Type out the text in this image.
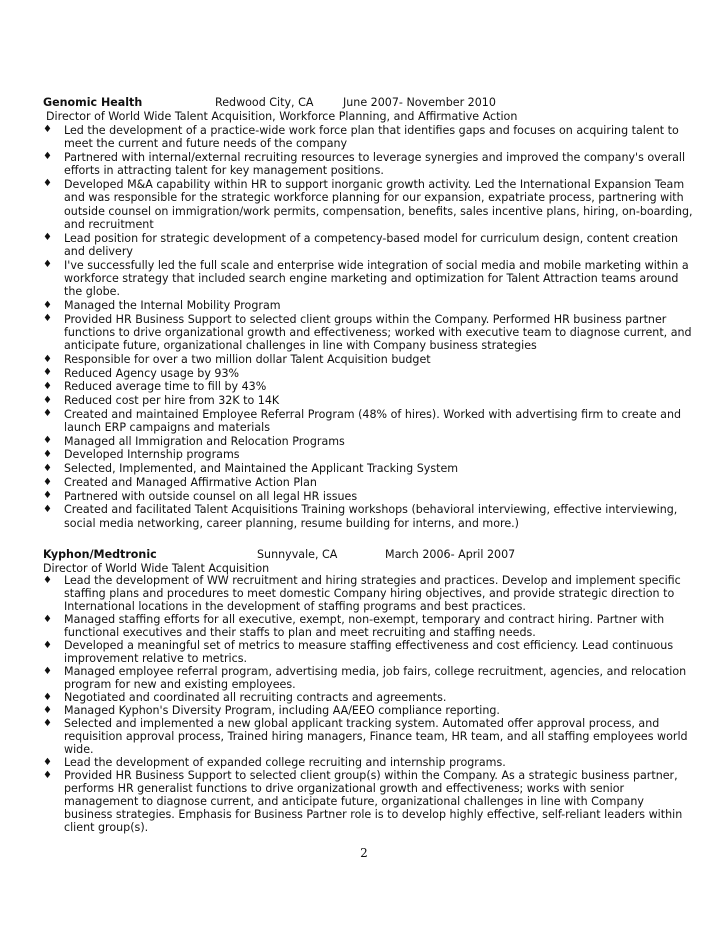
Genomic Health	Redwood City, CA	June 2007- November 2010
Director of World Wide Talent Acquisition, Workforce Planning, and Affirmative Action
♦ Led the development of a practice-wide work force plan that identifies gaps and focuses on acquiring talent to meet the current and future needs of the company
♦ Partnered with internal/external recruiting resources to leverage synergies and improved the company's overall efforts in attracting talent for key management positions.
♦ Developed M&A capability within HR to support inorganic growth activity. Led the International Expansion Team and was responsible for the strategic workforce planning for our expansion, expatriate process, partnering with outside counsel on immigration/work permits, compensation, benefits, sales incentive plans, hiring, on-boarding, and recruitment
♦ Lead position for strategic development of a competency-based model for curriculum design, content creation and delivery
♦ I've successfully led the full scale and enterprise wide integration of social media and mobile marketing within a workforce strategy that included search engine marketing and optimization for Talent Attraction teams around the globe.
♦ Managed the Internal Mobility Program
♦ Provided HR Business Support to selected client groups within the Company. Performed HR business partner functions to drive organizational growth and effectiveness; worked with executive team to diagnose current, and anticipate future, organizational challenges in line with Company business strategies
♦ Responsible for over a two million dollar Talent Acquisition budget
♦ Reduced Agency usage by 93%
♦ Reduced average time to fill by 43%
♦ Reduced cost per hire from 32K to 14K
♦ Created and maintained Employee Referral Program (48% of hires). Worked with advertising firm to create and launch ERP campaigns and materials
♦ Managed all Immigration and Relocation Programs
♦ Developed Internship programs
♦ Selected, Implemented, and Maintained the Applicant Tracking System
♦ Created and Managed Affirmative Action Plan
♦ Partnered with outside counsel on all legal HR issues
♦ Created and facilitated Talent Acquisitions Training workshops (behavioral interviewing, effective interviewing, social media networking, career planning, resume building for interns, and more.)
Kyphon/Medtronic	Sunnyvale, CA	March 2006- April 2007
Director of World Wide Talent Acquisition
♦ Lead the development of WW recruitment and hiring strategies and practices. Develop and implement specific staffing plans and procedures to meet domestic Company hiring objectives, and provide strategic direction to International locations in the development of staffing programs and best practices.
♦ Managed staffing efforts for all executive, exempt, non-exempt, temporary and contract hiring. Partner with functional executives and their staffs to plan and meet recruiting and staffing needs.
♦ Developed a meaningful set of metrics to measure staffing effectiveness and cost efficiency. Lead continuous improvement relative to metrics.
♦ Managed employee referral program, advertising media, job fairs, college recruitment, agencies, and relocation program for new and existing employees.
♦ Negotiated and coordinated all recruiting contracts and agreements.
♦ Managed Kyphon's Diversity Program, including AA/EEO compliance reporting.
♦ Selected and implemented a new global applicant tracking system. Automated offer approval process, and requisition approval process, Trained hiring managers, Finance team, HR team, and all staffing employees world wide.
♦ Lead the development of expanded college recruiting and internship programs.
♦ Provided HR Business Support to selected client group(s) within the Company. As a strategic business partner, performs HR generalist functions to drive organizational growth and effectiveness; works with senior management to diagnose current, and anticipate future, organizational challenges in line with Company business strategies. Emphasis for Business Partner role is to develop highly effective, self-reliant leaders within client group(s).
2
